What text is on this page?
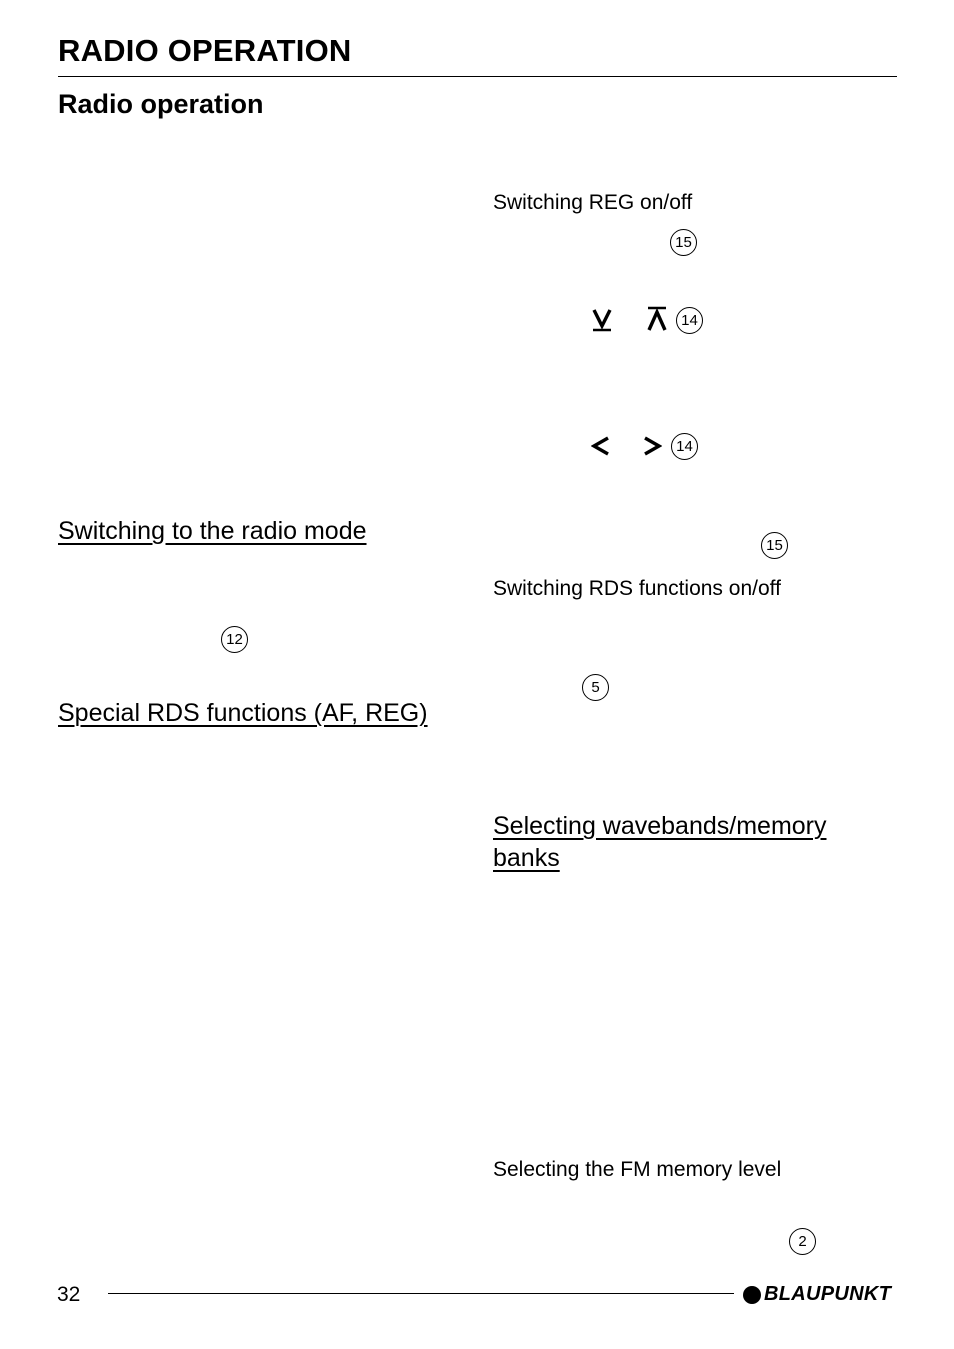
RADIO OPERATION
Radio operation
Switching to the radio mode
12
Special RDS functions (AF, REG)
Switching REG on/off
15
14
14
15
Switching RDS functions on/off
5
Selecting wavebands/memory
banks
Selecting the FM memory level
2
32	BLAUPUNKT
